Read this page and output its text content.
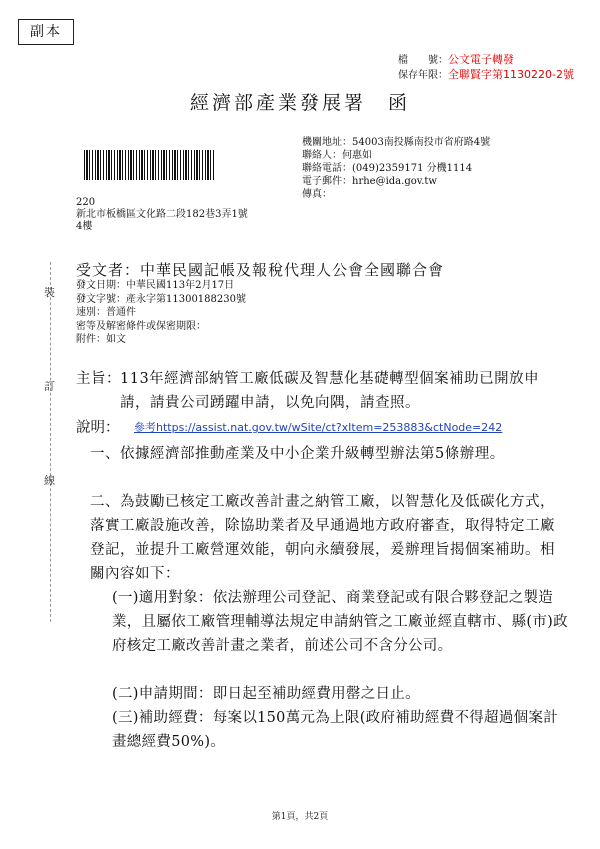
副本
檔　　號：公文電子轉發
保存年限：全聯賢字第1130220-2號
經濟部產業發展署　函
機關地址：54003南投縣南投市省府路4號
聯絡人：何惠如
聯絡電話：(049)2359171 分機1114
電子郵件：hrhe@ida.gov.tw
傳真：
220
新北市板橋區文化路二段182巷3弄1號
4樓
受文者：中華民國記帳及報稅代理人公會全國聯合會
發文日期：中華民國113年2月17日
發文字號：產永字第11300188230號
速別：普通件
密等及解密條件或保密期限：
附件：如文
裝
訂
線
主旨： 113年經濟部納管工廠低碳及智慧化基礎轉型個案補助已開放申請，請貴公司踴躍申請，以免向隅，請查照。
說明： 參考https://assist.nat.gov.tw/wSite/ct?xItem=253883&ctNode=242
一、依據經濟部推動產業及中小企業升級轉型辦法第5條辦理。
二、為鼓勵已核定工廠改善計畫之納管工廠，以智慧化及低碳化方式，落實工廠設施改善，除協助業者及早通過地方政府審查，取得特定工廠登記，並提升工廠營運效能，朝向永續發展，爰辦理旨揭個案補助。相關內容如下：
(一)適用對象：依法辦理公司登記、商業登記或有限合夥登記之製造業，且屬依工廠管理輔導法規定申請納管之工廠並經直轄市、縣(市)政府核定工廠改善計畫之業者，前述公司不含分公司。
(二)申請期間：即日起至補助經費用罄之日止。
(三)補助經費：每案以150萬元為上限(政府補助經費不得超過個案計畫總經費50%)。
第1頁，共2頁
